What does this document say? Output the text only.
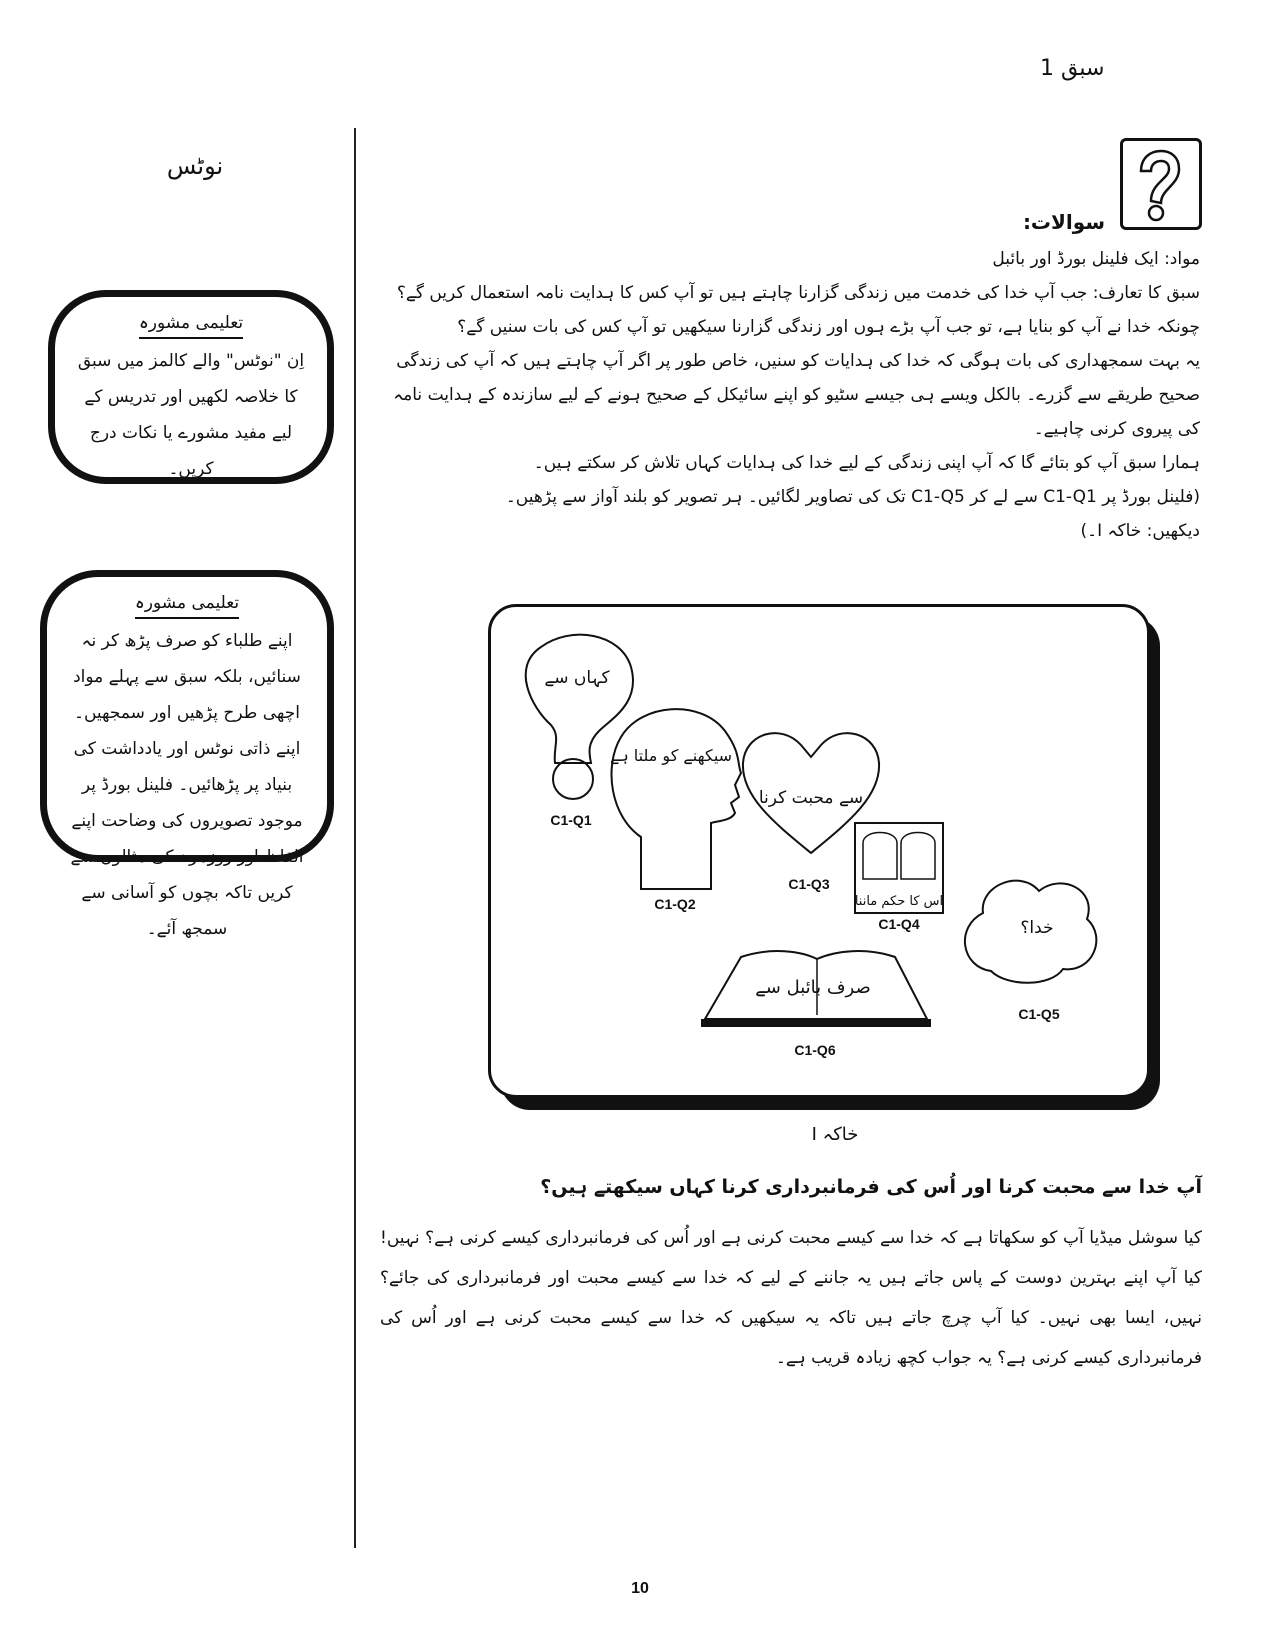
سبق 1
نوٹس
تعلیمی مشورہ
اِن "نوٹس" والے کالمز میں سبق کا خلاصہ لکھیں اور تدریس کے لیے مفید مشورے یا نکات درج کریں۔
تعلیمی مشورہ
اپنے طلباء کو صرف پڑھ کر نہ سنائیں، بلکہ سبق سے پہلے مواد اچھی طرح پڑھیں اور سمجھیں۔ اپنے ذاتی نوٹس اور یادداشت کی بنیاد پر پڑھائیں۔ فلینل بورڈ پر موجود تصویروں کی وضاحت اپنے الفاظ اور روزمرہ کی مثالوں سے کریں تاکہ بچوں کو آسانی سے سمجھ آئے۔
سوالات:

مواد: ایک فلینل بورڈ اور بائبل

سبق کا تعارف: جب آپ خدا کی خدمت میں زندگی گزارنا چاہتے ہیں تو آپ کس کا ہدایت نامہ استعمال کریں گے؟ چونکہ خدا نے آپ کو بنایا ہے، تو جب آپ بڑے ہوں اور زندگی گزارنا سیکھیں تو آپ کس کی بات سنیں گے؟

یہ بہت سمجھداری کی بات ہوگی کہ خدا کی ہدایات کو سنیں، خاص طور پر اگر آپ چاہتے ہیں کہ آپ کی زندگی صحیح طریقے سے گزرے۔ بالکل ویسے ہی جیسے سٹیو کو اپنے سائیکل کے صحیح ہونے کے لیے سازندہ کے ہدایت نامہ کی پیروی کرنی چاہیے۔

ہمارا سبق آپ کو بتائے گا کہ آپ اپنی زندگی کے لیے خدا کی ہدایات کہاں تلاش کر سکتے ہیں۔

(فلینل بورڈ پر C1-Q1 سے لے کر C1-Q5 تک کی تصاویر لگائیں۔ ہر تصویر کو بلند آواز سے پڑھیں۔

دیکھیں: خاکہ I۔)

کہاں سے
C1-Q1
سیکھنے کو ملتا ہے
C1-Q2
سے محبت کرنا
C1-Q3
اس کا حکم ماننا
C1-Q4	خدا؟
C1-Q5
صرف بائبل سے
C1-Q6
خاکہ I
آپ خدا سے محبت کرنا اور اُس کی فرمانبرداری کرنا کہاں سیکھتے ہیں؟
کیا سوشل میڈیا آپ کو سکھاتا ہے کہ خدا سے کیسے محبت کرنی ہے اور اُس کی فرمانبرداری کیسے کرنی ہے؟ نہیں! کیا آپ اپنے بہترین دوست کے پاس جاتے ہیں یہ جاننے کے لیے کہ خدا سے کیسے محبت اور فرمانبرداری کی جائے؟ نہیں، ایسا بھی نہیں۔ کیا آپ چرچ جاتے ہیں تاکہ یہ سیکھیں کہ خدا سے کیسے محبت کرنی ہے اور اُس کی فرمانبرداری کیسے کرنی ہے؟ یہ جواب کچھ زیادہ قریب ہے۔
10
